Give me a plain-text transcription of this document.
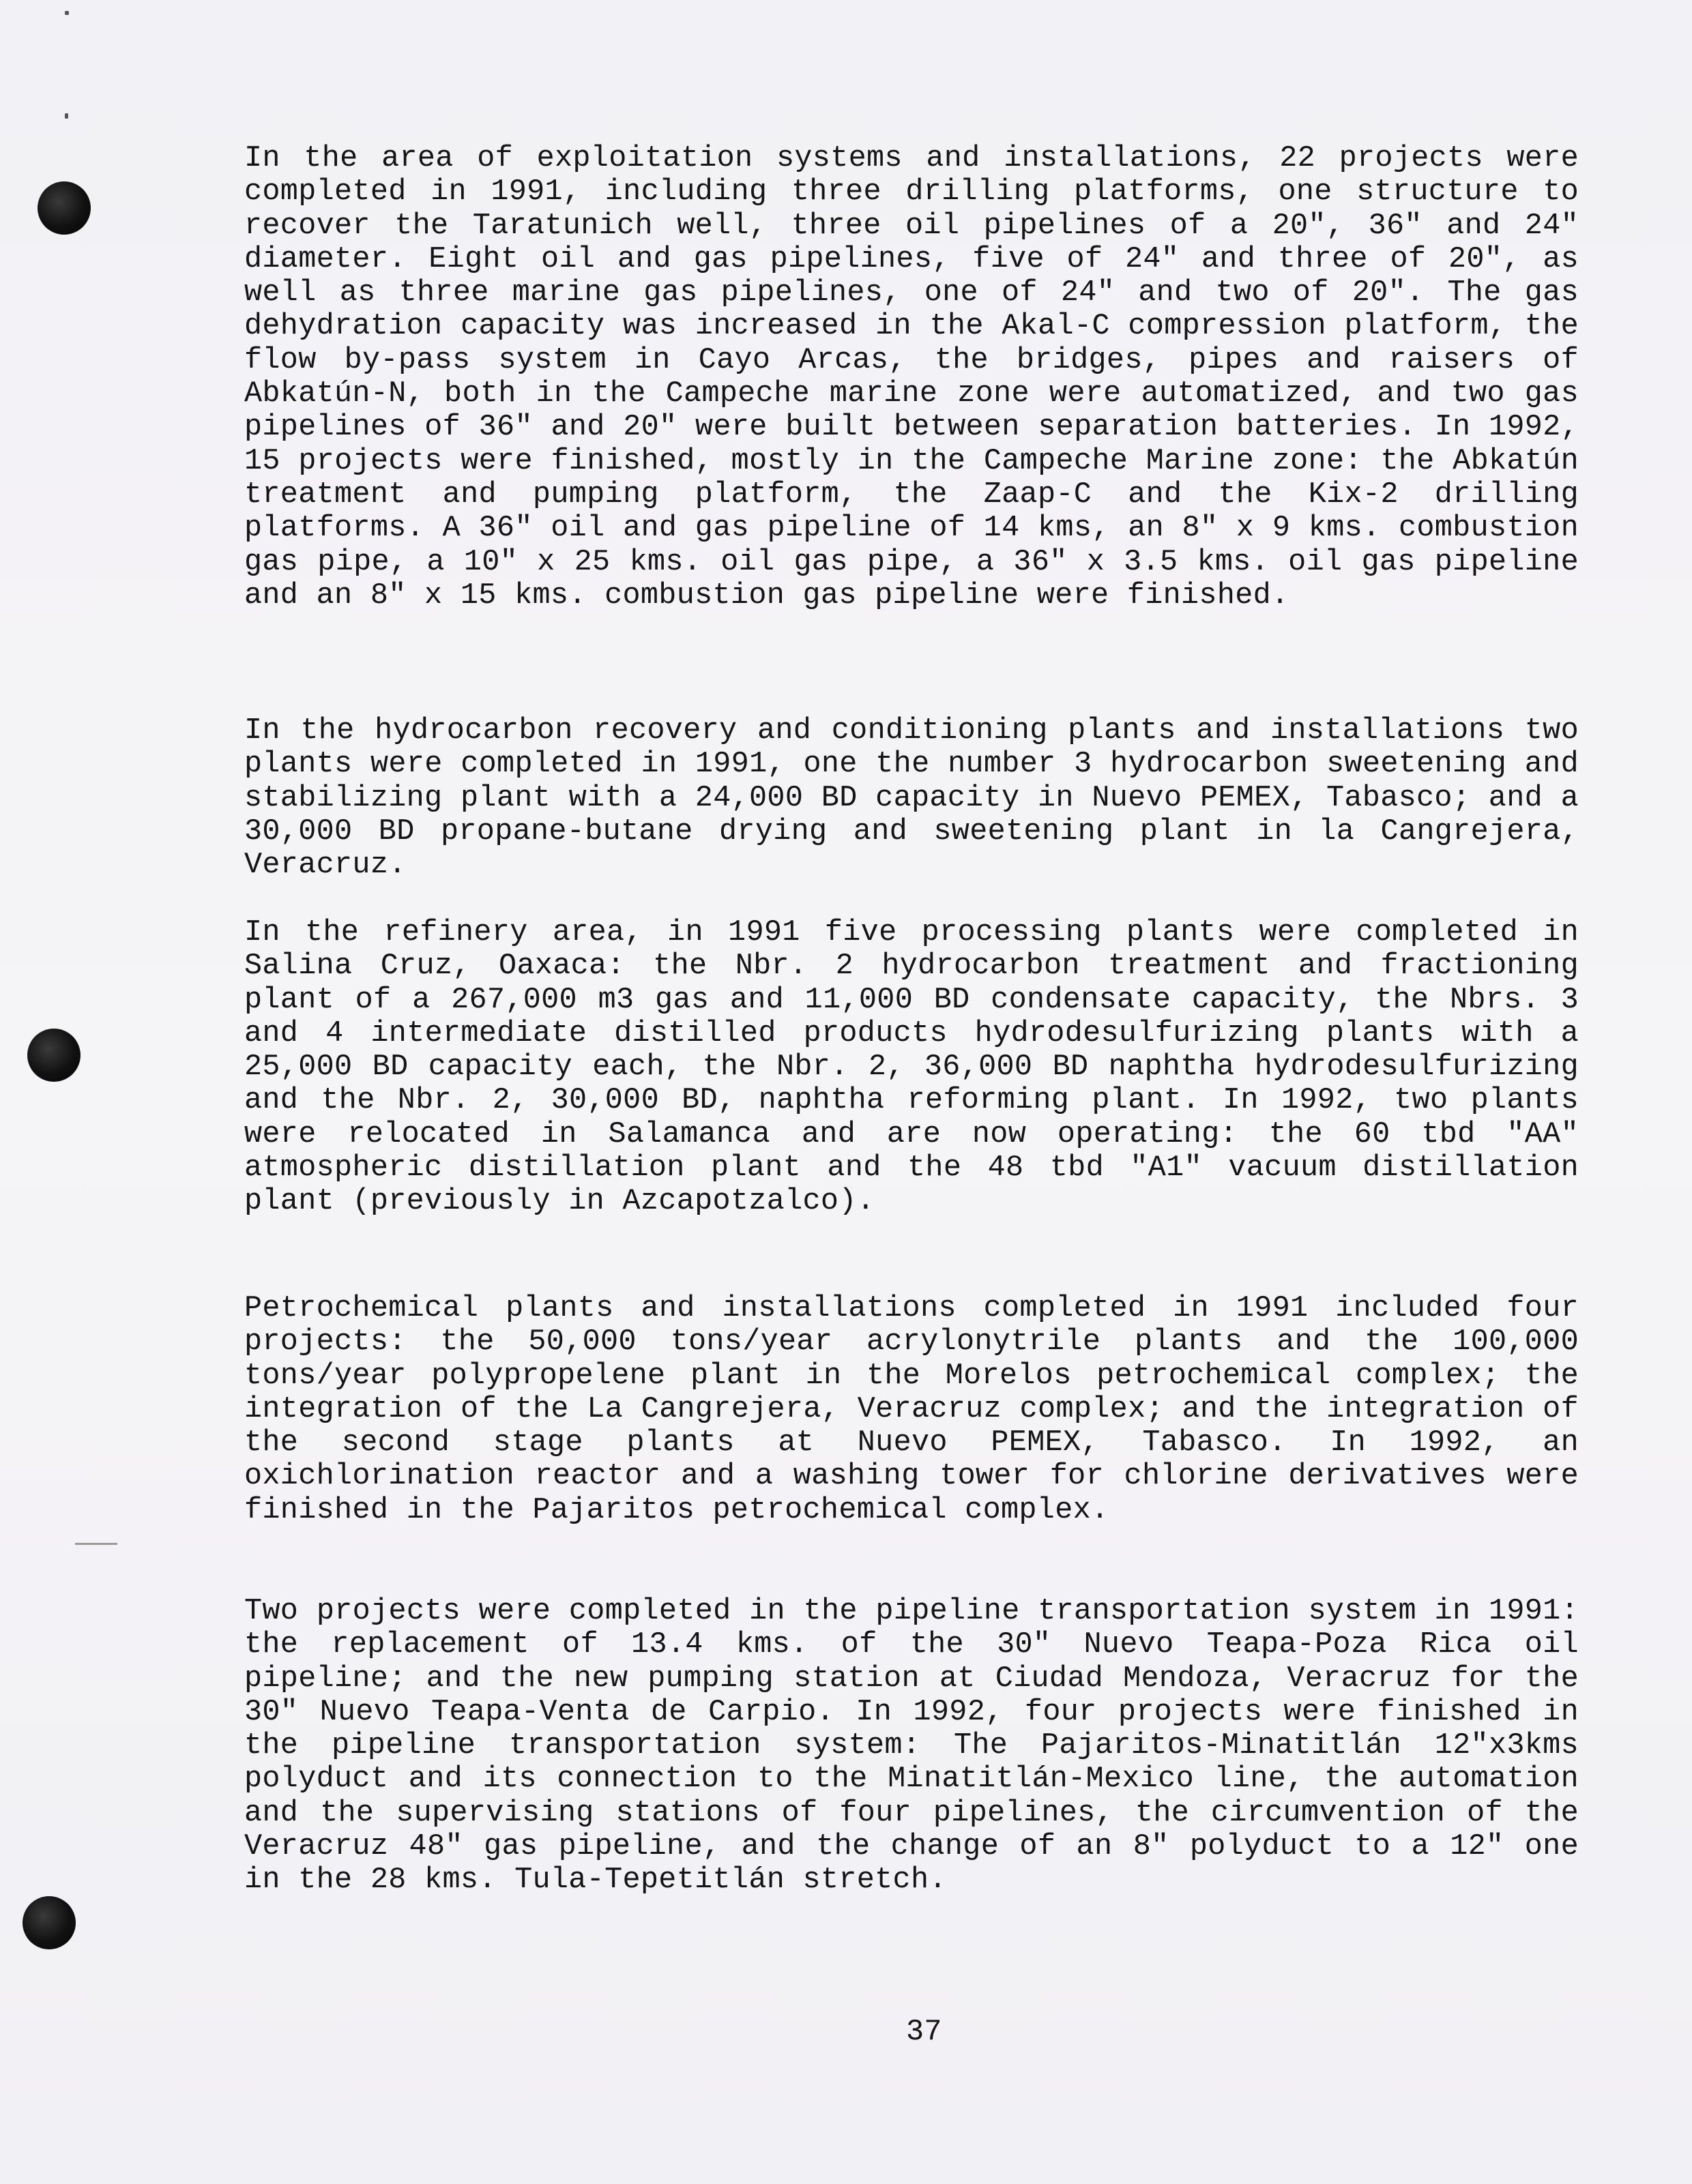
In the area of exploitation systems and installations, 22 projects were completed in 1991, including three drilling platforms, one structure to recover the Taratunich well, three oil pipelines of a 20", 36" and 24" diameter. Eight oil and gas pipelines, five of 24" and three of 20", as well as three marine gas pipelines, one of 24" and two of 20". The gas dehydration capacity was increased in the Akal-C compression platform, the flow by-pass system in Cayo Arcas, the bridges, pipes and raisers of Abkatún-N, both in the Campeche marine zone were automatized, and two gas pipelines of 36" and 20" were built between separation batteries. In 1992, 15 projects were finished, mostly in the Campeche Marine zone: the Abkatún treatment and pumping platform, the Zaap-C and the Kix-2 drilling platforms. A 36" oil and gas pipeline of 14 kms, an 8" x 9 kms. combustion gas pipe, a 10" x 25 kms. oil gas pipe, a 36" x 3.5 kms. oil gas pipeline and an 8" x 15 kms. combustion gas pipeline were finished.

In the hydrocarbon recovery and conditioning plants and installations two plants were completed in 1991, one the number 3 hydrocarbon sweetening and stabilizing plant with a 24,000 BD capacity in Nuevo PEMEX, Tabasco; and a 30,000 BD propane-butane drying and sweetening plant in la Cangrejera, Veracruz.

In the refinery area, in 1991 five processing plants were completed in Salina Cruz, Oaxaca: the Nbr. 2 hydrocarbon treatment and fractioning plant of a 267,000 m3 gas and 11,000 BD condensate capacity, the Nbrs. 3 and 4 intermediate distilled products hydrodesulfurizing plants with a 25,000 BD capacity each, the Nbr. 2, 36,000 BD naphtha hydrodesulfurizing and the Nbr. 2, 30,000 BD, naphtha reforming plant. In 1992, two plants were relocated in Salamanca and are now operating: the 60 tbd "AA" atmospheric distillation plant and the 48 tbd "A1" vacuum distillation plant (previously in Azcapotzalco).

Petrochemical plants and installations completed in 1991 included four projects: the 50,000 tons/year acrylonytrile plants and the 100,000 tons/year polypropelene plant in the Morelos petrochemical complex; the integration of the La Cangrejera, Veracruz complex; and the integration of the second stage plants at Nuevo PEMEX, Tabasco. In 1992, an oxichlorination reactor and a washing tower for chlorine derivatives were finished in the Pajaritos petrochemical complex.

Two projects were completed in the pipeline transportation system in 1991: the replacement of 13.4 kms. of the 30" Nuevo Teapa-Poza Rica oil pipeline; and the new pumping station at Ciudad Mendoza, Veracruz for the 30" Nuevo Teapa-Venta de Carpio. In 1992, four projects were finished in the pipeline transportation system: The Pajaritos-Minatitlán 12"x3kms polyduct and its connection to the Minatitlán-Mexico line, the automation and the supervising stations of four pipelines, the circumvention of the Veracruz 48" gas pipeline, and the change of an 8" polyduct to a 12" one in the 28 kms. Tula-Tepetitlán stretch.

37
